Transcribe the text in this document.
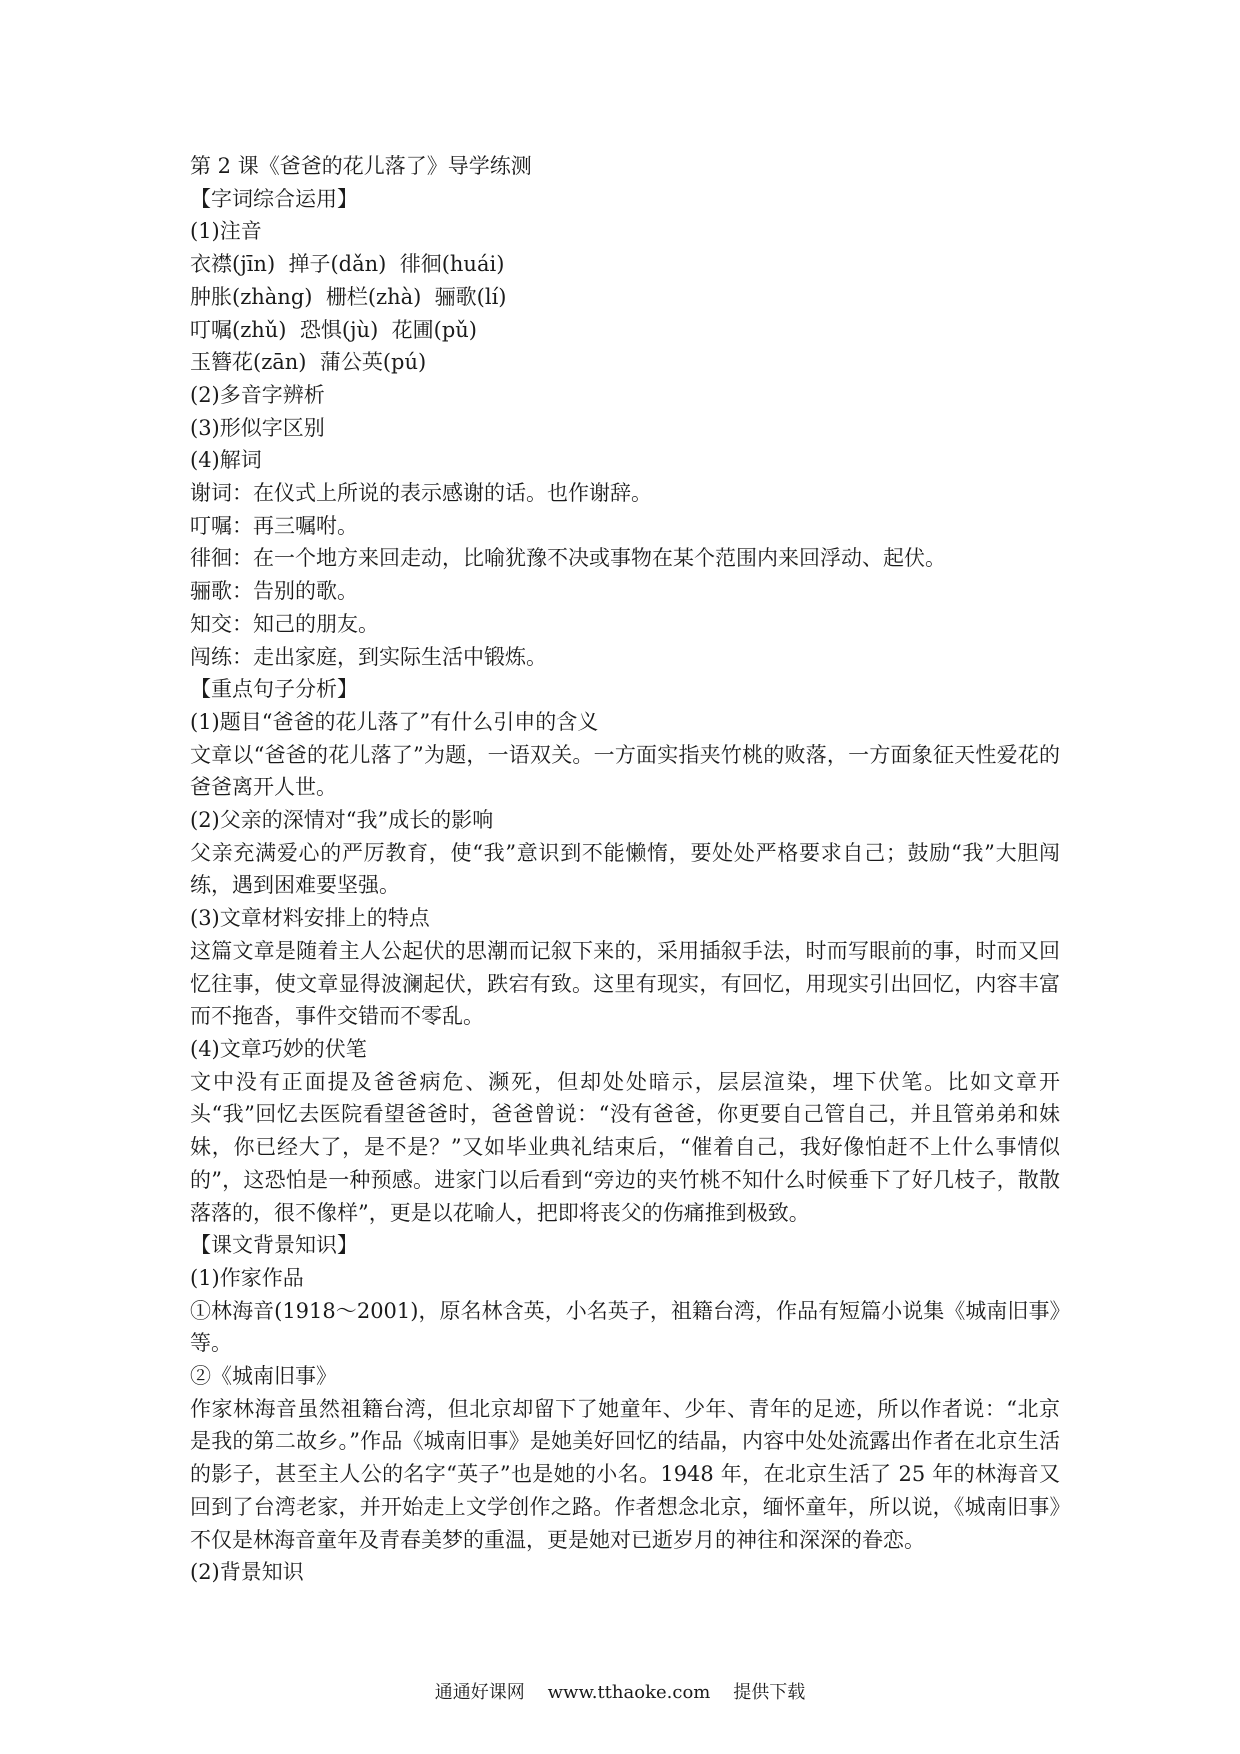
第 2 课《爸爸的花儿落了》导学练测

【字词综合运用】

(1)注音

衣襟(jīn)  掸子(dǎn)  徘徊(huái)

肿胀(zhàng)  栅栏(zhà)  骊歌(lí)

叮嘱(zhǔ)  恐惧(jù)  花圃(pǔ)

玉簪花(zān)  蒲公英(pú)

(2)多音字辨析

(3)形似字区别

(4)解词

谢词：在仪式上所说的表示感谢的话。也作谢辞。

叮嘱：再三嘱咐。

徘徊：在一个地方来回走动，比喻犹豫不决或事物在某个范围内来回浮动、起伏。

骊歌：告别的歌。

知交：知己的朋友。

闯练：走出家庭，到实际生活中锻炼。

【重点句子分析】

(1)题目“爸爸的花儿落了”有什么引申的含义

文章以“爸爸的花儿落了”为题，一语双关。一方面实指夹竹桃的败落，一方面象征天性爱花的爸爸离开人世。

(2)父亲的深情对“我”成长的影响

父亲充满爱心的严厉教育，使“我”意识到不能懒惰，要处处严格要求自己；鼓励“我”大胆闯练，遇到困难要坚强。

(3)文章材料安排上的特点

这篇文章是随着主人公起伏的思潮而记叙下来的，采用插叙手法，时而写眼前的事，时而又回忆往事，使文章显得波澜起伏，跌宕有致。这里有现实，有回忆，用现实引出回忆，内容丰富而不拖沓，事件交错而不零乱。

(4)文章巧妙的伏笔

文中没有正面提及爸爸病危、濒死，但却处处暗示，层层渲染，埋下伏笔。比如文章开头“我”回忆去医院看望爸爸时，爸爸曾说：“没有爸爸，你更要自己管自己，并且管弟弟和妹妹，你已经大了，是不是？”又如毕业典礼结束后，“催着自己，我好像怕赶不上什么事情似的”，这恐怕是一种预感。进家门以后看到“旁边的夹竹桃不知什么时候垂下了好几枝子，散散落落的，很不像样”，更是以花喻人，把即将丧父的伤痛推到极致。

【课文背景知识】

(1)作家作品

①林海音(1918～2001)，原名林含英，小名英子，祖籍台湾，作品有短篇小说集《城南旧事》等。

②《城南旧事》

作家林海音虽然祖籍台湾，但北京却留下了她童年、少年、青年的足迹，所以作者说：“北京是我的第二故乡。”作品《城南旧事》是她美好回忆的结晶，内容中处处流露出作者在北京生活的影子，甚至主人公的名字“英子”也是她的小名。1948 年，在北京生活了 25 年的林海音又回到了台湾老家，并开始走上文学创作之路。作者想念北京，缅怀童年，所以说，《城南旧事》不仅是林海音童年及青春美梦的重温，更是她对已逝岁月的神往和深深的眷恋。

(2)背景知识

通通好课网 www.tthaoke.com 提供下载
